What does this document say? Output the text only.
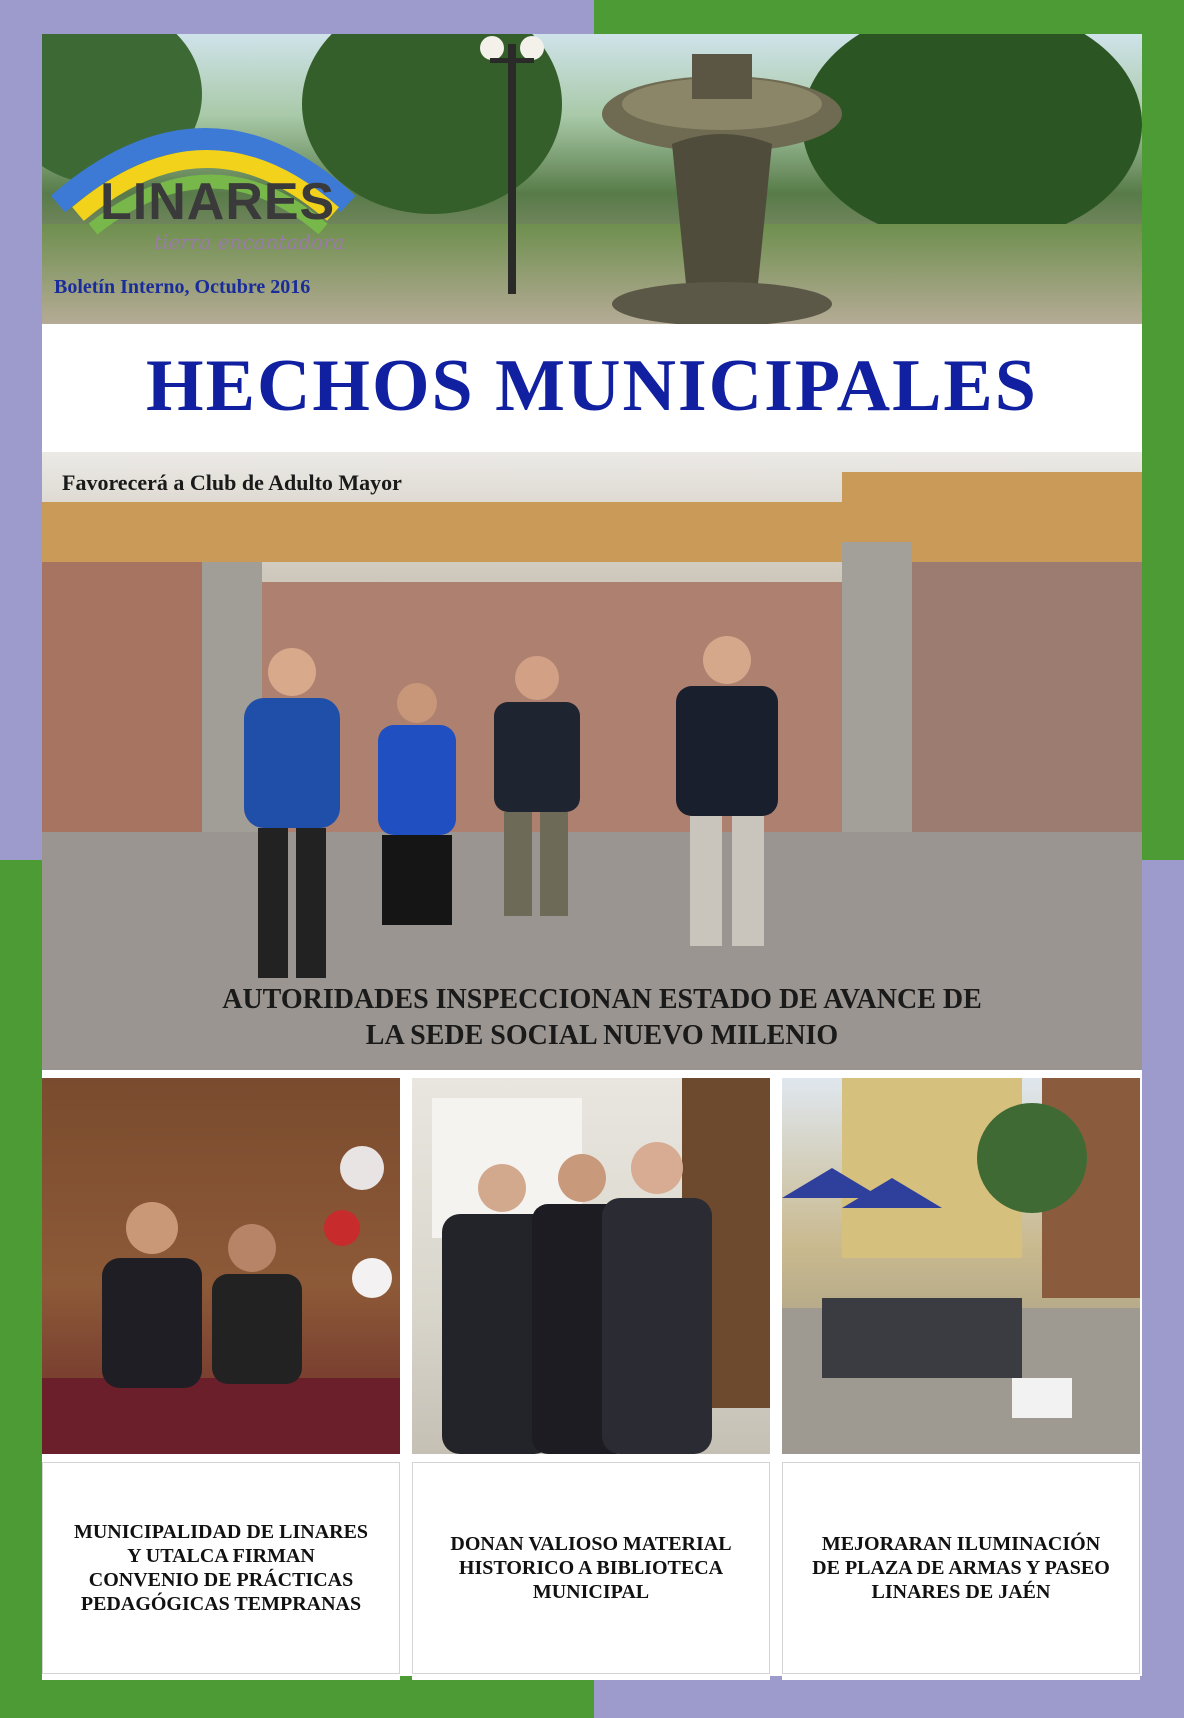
LINARES
tierra encantadora
Boletín Interno, Octubre 2016
HECHOS MUNICIPALES
Favorecerá a Club de Adulto Mayor
AUTORIDADES INSPECCIONAN ESTADO DE AVANCE DE
LA SEDE SOCIAL NUEVO MILENIO
MUNICIPALIDAD DE LINARES
Y UTALCA FIRMAN
CONVENIO DE PRÁCTICAS
PEDAGÓGICAS TEMPRANAS
DONAN VALIOSO MATERIAL
HISTORICO A BIBLIOTECA
MUNICIPAL
MEJORARAN ILUMINACIÓN
DE PLAZA DE ARMAS Y PASEO
LINARES DE JAÉN
